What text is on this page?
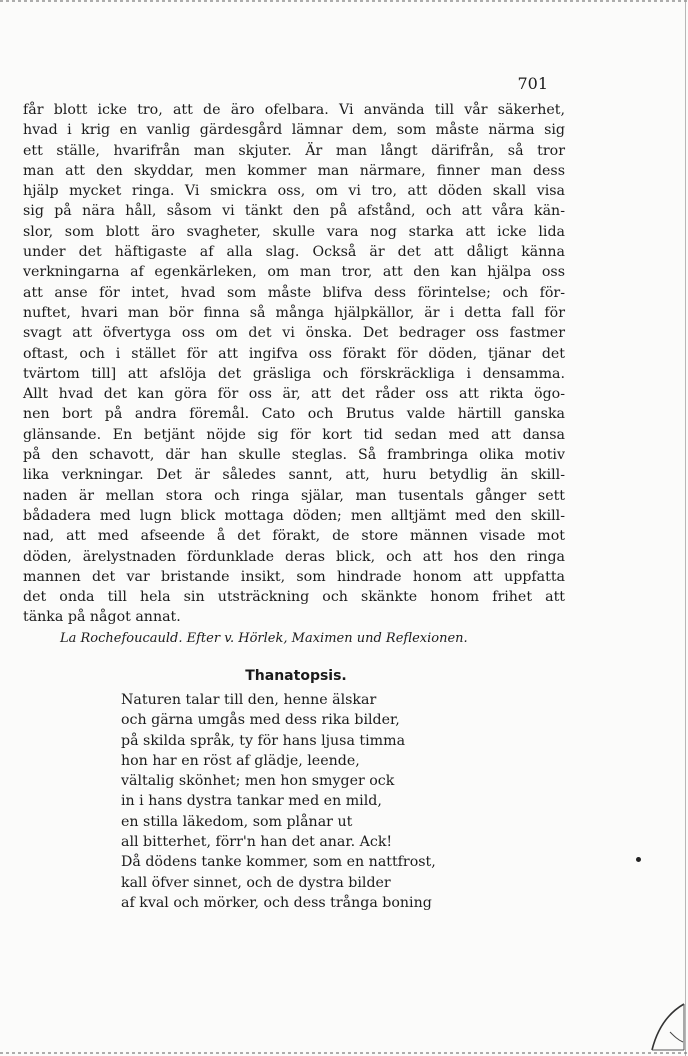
701

får blott icke tro, att de äro ofelbara. Vi använda till vår säkerhet,
hvad i krig en vanlig gärdesgård lämnar dem, som måste närma sig
ett ställe, hvarifrån man skjuter. Är man långt därifrån, så tror
man att den skyddar, men kommer man närmare, finner man dess
hjälp mycket ringa. Vi smickra oss, om vi tro, att döden skall visa
sig på nära håll, såsom vi tänkt den på afstånd, och att våra kän-
slor, som blott äro svagheter, skulle vara nog starka att icke lida
under det häftigaste af alla slag. Också är det att dåligt känna
verkningarna af egenkärleken, om man tror, att den kan hjälpa oss
att anse för intet, hvad som måste blifva dess förintelse; och för-
nuftet, hvari man bör finna så många hjälpkällor, är i detta fall för
svagt att öfvertyga oss om det vi önska. Det bedrager oss fastmer
oftast, och i stället för att ingifva oss förakt för döden, tjänar det
tvärtom till] att afslöja det gräsliga och förskräckliga i densamma.
Allt hvad det kan göra för oss är, att det råder oss att rikta ögo-
nen bort på andra föremål. Cato och Brutus valde härtill ganska
glänsande. En betjänt nöjde sig för kort tid sedan med att dansa
på den schavott, där han skulle steglas. Så frambringa olika motiv
lika verkningar. Det är således sannt, att, huru betydlig än skill-
naden är mellan stora och ringa själar, man tusentals gånger sett
bådadera med lugn blick mottaga döden; men alltjämt med den skill-
nad, att med afseende å det förakt, de store männen visade mot
döden, ärelystnaden fördunklade deras blick, och att hos den ringa
mannen det var bristande insikt, som hindrade honom att uppfatta
det onda till hela sin utsträckning och skänkte honom frihet att
tänka på något annat.

La Rochefoucauld. Efter v. Hörlek, Maximen und Reflexionen.
Thanatopsis.
Naturen talar till den, henne älskar
och gärna umgås med dess rika bilder,
på skilda språk, ty för hans ljusa timma
hon har en röst af glädje, leende,
vältalig skönhet; men hon smyger ock
in i hans dystra tankar med en mild,
en stilla läkedom, som plånar ut
all bitterhet, förr'n han det anar. Ack!
Då dödens tanke kommer, som en nattfrost,
kall öfver sinnet, och de dystra bilder
af kval och mörker, och dess trånga boning
